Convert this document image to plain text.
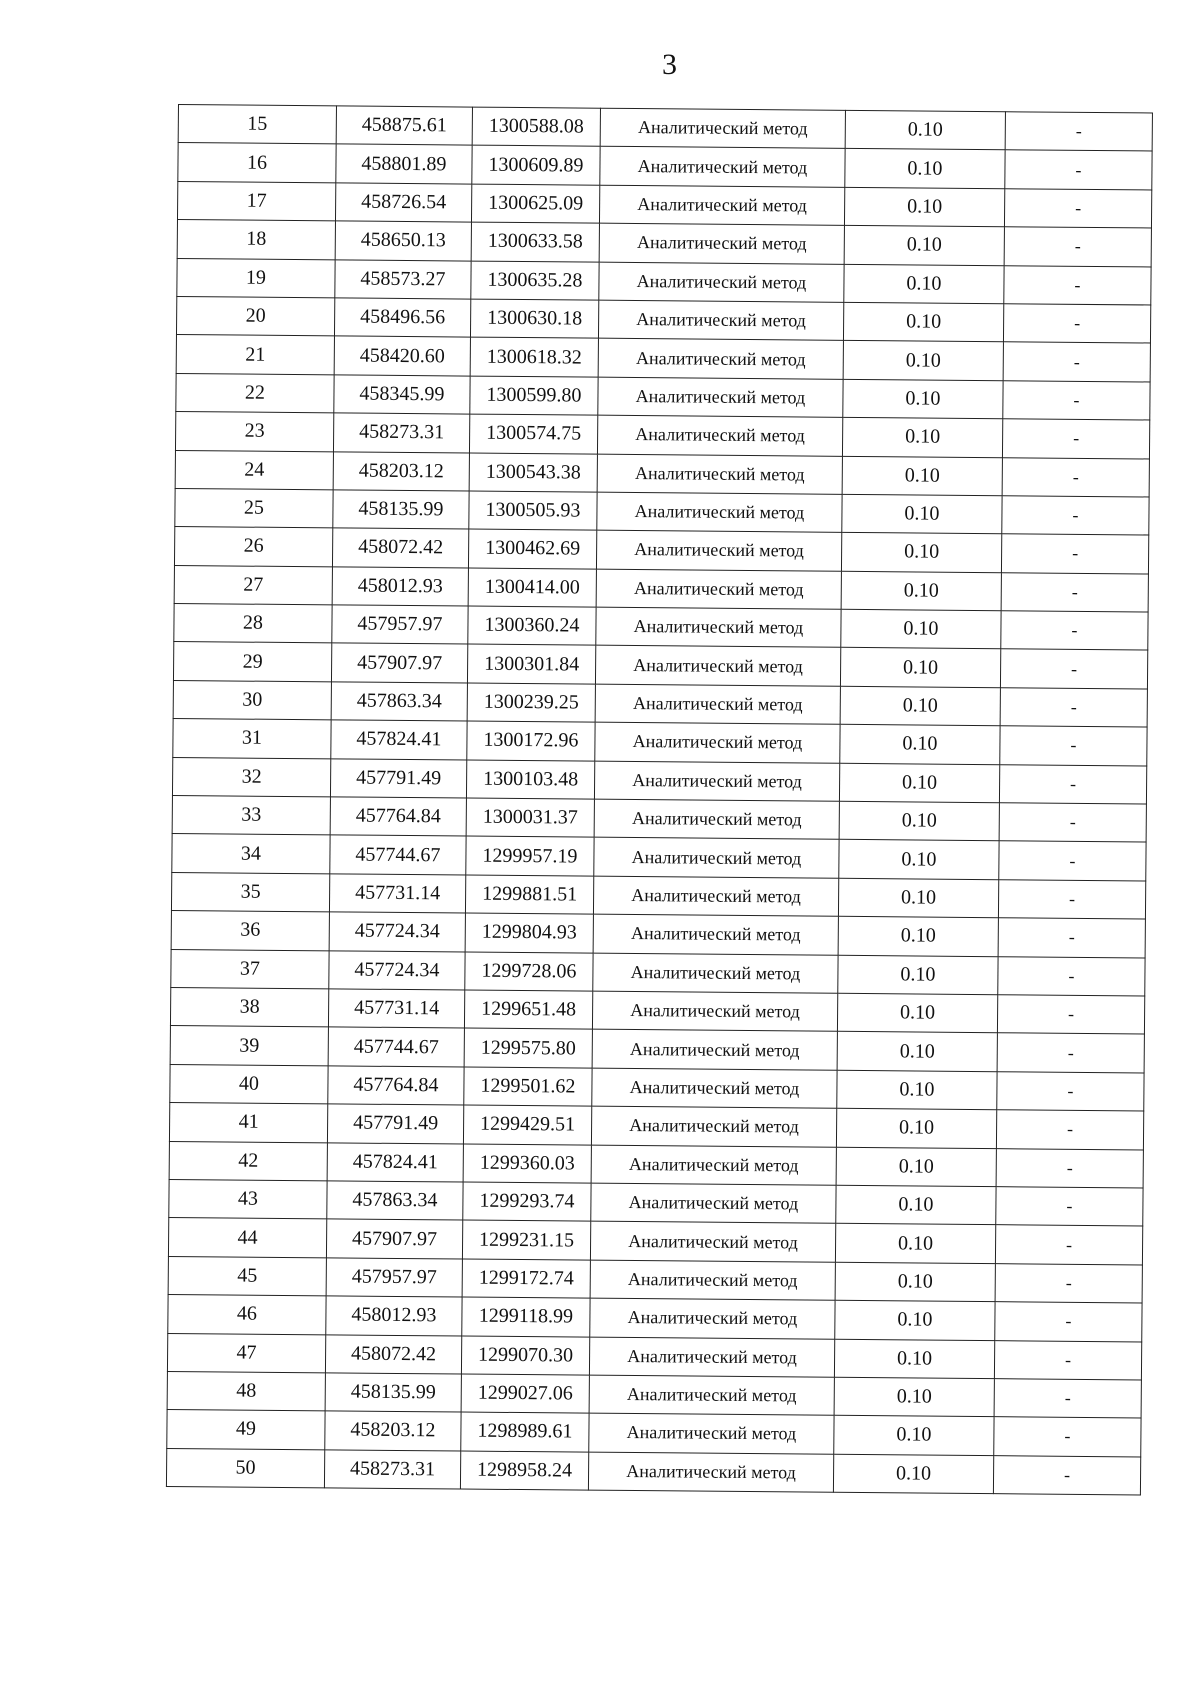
3
15	458875.61	1300588.08	Аналитический метод	0.10	-
16	458801.89	1300609.89	Аналитический метод	0.10	-
17	458726.54	1300625.09	Аналитический метод	0.10	-
18	458650.13	1300633.58	Аналитический метод	0.10	-
19	458573.27	1300635.28	Аналитический метод	0.10	-
20	458496.56	1300630.18	Аналитический метод	0.10	-
21	458420.60	1300618.32	Аналитический метод	0.10	-
22	458345.99	1300599.80	Аналитический метод	0.10	-
23	458273.31	1300574.75	Аналитический метод	0.10	-
24	458203.12	1300543.38	Аналитический метод	0.10	-
25	458135.99	1300505.93	Аналитический метод	0.10	-
26	458072.42	1300462.69	Аналитический метод	0.10	-
27	458012.93	1300414.00	Аналитический метод	0.10	-
28	457957.97	1300360.24	Аналитический метод	0.10	-
29	457907.97	1300301.84	Аналитический метод	0.10	-
30	457863.34	1300239.25	Аналитический метод	0.10	-
31	457824.41	1300172.96	Аналитический метод	0.10	-
32	457791.49	1300103.48	Аналитический метод	0.10	-
33	457764.84	1300031.37	Аналитический метод	0.10	-
34	457744.67	1299957.19	Аналитический метод	0.10	-
35	457731.14	1299881.51	Аналитический метод	0.10	-
36	457724.34	1299804.93	Аналитический метод	0.10	-
37	457724.34	1299728.06	Аналитический метод	0.10	-
38	457731.14	1299651.48	Аналитический метод	0.10	-
39	457744.67	1299575.80	Аналитический метод	0.10	-
40	457764.84	1299501.62	Аналитический метод	0.10	-
41	457791.49	1299429.51	Аналитический метод	0.10	-
42	457824.41	1299360.03	Аналитический метод	0.10	-
43	457863.34	1299293.74	Аналитический метод	0.10	-
44	457907.97	1299231.15	Аналитический метод	0.10	-
45	457957.97	1299172.74	Аналитический метод	0.10	-
46	458012.93	1299118.99	Аналитический метод	0.10	-
47	458072.42	1299070.30	Аналитический метод	0.10	-
48	458135.99	1299027.06	Аналитический метод	0.10	-
49	458203.12	1298989.61	Аналитический метод	0.10	-
50	458273.31	1298958.24	Аналитический метод	0.10	-
